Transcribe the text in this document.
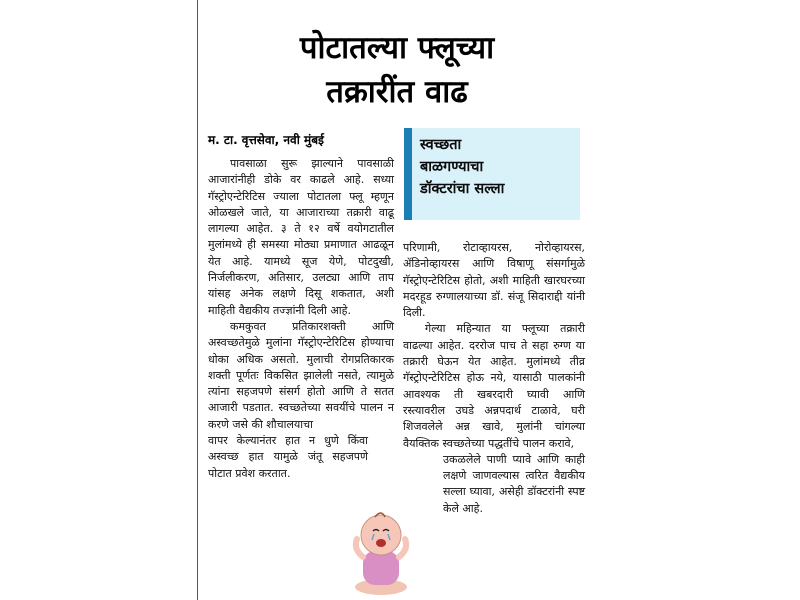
पोटातल्या फ्लूच्या
तक्रारींत वाढ
म. टा. वृत्तसेवा, नवी मुंबई

पावसाळा सुरू झाल्याने पावसाळी आजारांनीही डोके वर काढले आहे. सध्या गॅस्ट्रोएन्टेरिटिस ज्याला पोटातला फ्लू म्हणून ओळखले जाते, या आजाराच्या तक्रारी वाढू लागल्या आहेत. ३ ते १२ वर्षे वयोगटातील मुलांमध्ये ही समस्या मोठ्या प्रमाणात आढळून येत आहे. यामध्ये सूज येणे, पोटदुखी, निर्जलीकरण, अतिसार, उलट्या आणि ताप यांसह अनेक लक्षणे दिसू शकतात, अशी माहिती वैद्यकीय तज्ज्ञांनी दिली आहे.

कमकुवत प्रतिकारशक्ती आणि अस्वच्छतेमुळे मुलांना गॅस्ट्रोएन्टेरिटिस होण्याचा धोका अधिक असतो. मुलाची रोगप्रतिकारक शक्ती पूर्णतः विकसित झालेली नसते, त्यामुळे त्यांना सहजपणे संसर्ग होतो आणि ते सतत आजारी पडतात. स्वच्छतेच्या सवयींचे पालन न करणे जसे की शौचालयाचा

वापर केल्यानंतर हात न धुणे किंवा अस्वच्छ हात यामुळे जंतू सहजपणे पोटात प्रवेश करतात.

स्वच्छता
बाळगण्याचा
डॉक्टरांचा सल्ला

परिणामी, रोटाव्हायरस, नोरोव्हायरस, ॲडिनोव्हायरस आणि विषाणू संसर्गामुळे गॅस्ट्रोएन्टेरिटिस होतो, अशी माहिती खारघरच्या मदरहूड रुग्णालयाच्या डॉ. संजू सिदाराद्दी यांनी दिली.

गेल्या महिन्यात या फ्लूच्या तक्रारी वाढल्या आहेत. दररोज पाच ते सहा रुग्ण या तक्रारी घेऊन येत आहेत. मुलांमध्ये तीव्र गॅस्ट्रोएन्टेरिटिस होऊ नये, यासाठी पालकांनी आवश्यक ती खबरदारी घ्यावी आणि रस्त्यावरील उघडे अन्नपदार्थ टाळावे, घरी शिजवलेले अन्न खावे, मुलांनी चांगल्या वैयक्तिक स्वच्छतेच्या पद्धतींचे पालन करावे,

उकळलेले पाणी प्यावे आणि काही लक्षणे जाणवल्यास त्वरित वैद्यकीय सल्ला घ्यावा, असेही डॉक्टरांनी स्पष्ट केले आहे.
